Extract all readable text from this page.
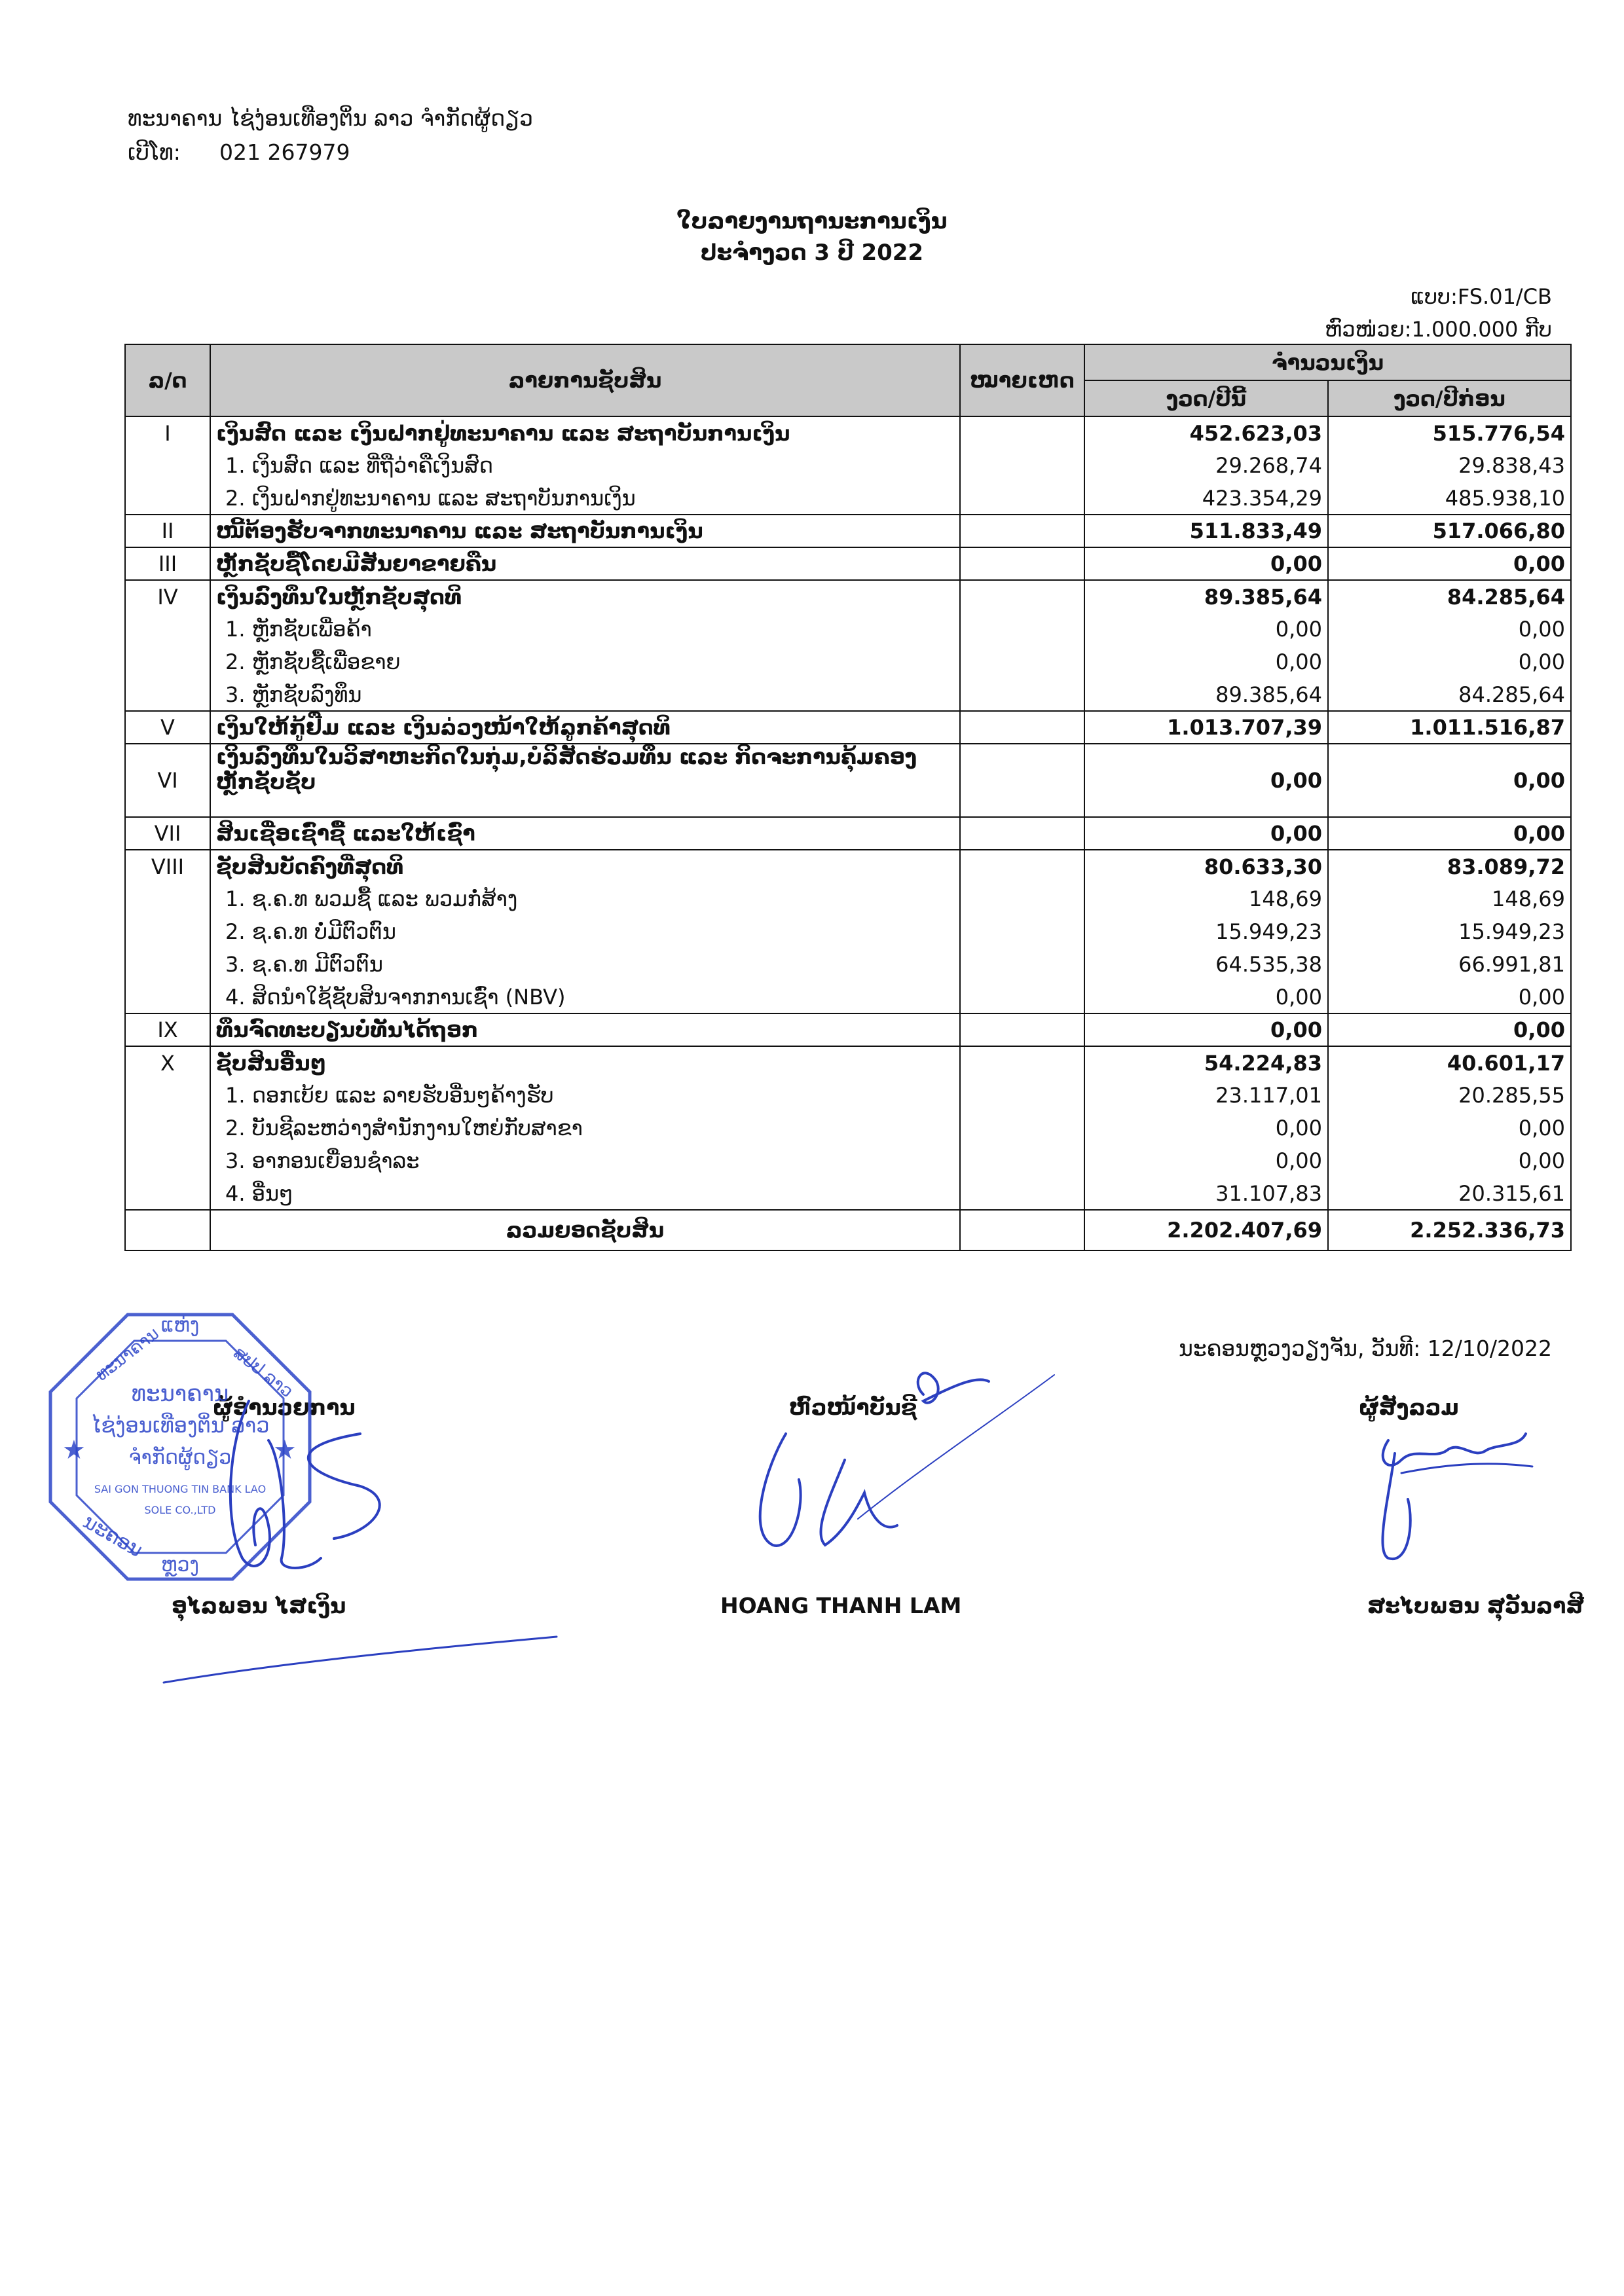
ທະນາຄານ ໄຊ່ງ່ອນເທືອງຕິ່ນ ລາວ ຈຳກັດຜູ້ດຽວ
ເບີໂທ: 021 267979
ໃບລາຍງານຖານະການເງິນ
ປະຈຳງວດ 3 ປີ 2022
ແບບ:FS.01/CB
ຫົວໜ່ວຍ:1.000.000 ກີບ
ລ/ດ	ລາຍການຊັບສິນ	ໝາຍເຫດ	ຈຳນວນເງິນ	
			ງວດ/ປີນີ້	ງວດ/ປີກ່ອນ
I	ເງິນສົດ ແລະ ເງິນຝາກຢູ່ທະນາຄານ ແລະ ສະຖາບັນການເງິນ		452.623,03	515.776,54
	1. ເງິນສົດ ແລະ ທີ່ຖືວ່າຄືເງິນສົດ		29.268,74	29.838,43
	2. ເງິນຝາກຢູ່ທະນາຄານ ແລະ ສະຖາບັນການເງິນ		423.354,29	485.938,10
II	ໜີ້ຕ້ອງຮັບຈາກທະນາຄານ ແລະ ສະຖາບັນການເງິນ		511.833,49	517.066,80
III	ຫຼັກຊັບຊື້ໂດຍມີສັນຍາຂາຍຄືນ		0,00	0,00
IV	ເງິນລົງທຶນໃນຫຼັກຊັບສຸດທິ		89.385,64	84.285,64
	1. ຫຼັກຊັບເພື່ອຄ້າ		0,00	0,00
	2. ຫຼັກຊັບຊື້ເພື່ອຂາຍ		0,00	0,00
	3. ຫຼັກຊັບລົງທຶນ		89.385,64	84.285,64
V	ເງິນໃຫ້ກູ້ຢືມ ແລະ ເງິນລ່ວງໜ້າໃຫ້ລູກຄ້າສຸດທິ		1.013.707,39	1.011.516,87
VI	ເງິນລົງທຶນໃນວິສາຫະກິດໃນກຸ່ມ,ບໍລິສັດຮ່ວມທຶນ ແລະ ກິດຈະການຄຸ້ມຄອງຫຼັກຊັບຊັບ		0,00	0,00
VII	ສິນເຊື່ອເຊົ່າຊື້ ແລະໃຫ້ເຊົ່າ		0,00	0,00
VIII	ຊັບສິນບັດຄົງທີ່ສຸດທິ		80.633,30	83.089,72
	1. ຊ.ຄ.ທ ພວມຊື້ ແລະ ພວມກໍ່ສ້າງ		148,69	148,69
	2. ຊ.ຄ.ທ ບໍ່ມີຕົວຕົນ		15.949,23	15.949,23
	3. ຊ.ຄ.ທ ມີຕົວຕົນ		64.535,38	66.991,81
	4. ສິດນຳໃຊ້ຊັບສິນຈາກການເຊົ່າ (NBV)		0,00	0,00
IX	ທຶນຈົດທະບຽນບໍ່ທັນໄດ້ຖອກ		0,00	0,00
X	ຊັບສິນອື່ນໆ		54.224,83	40.601,17
	1. ດອກເບ້ຍ ແລະ ລາຍຮັບອື່ນໆຄ້າງຮັບ		23.117,01	20.285,55
	2. ບັນຊີລະຫວ່າງສຳນັກງານໃຫຍ່ກັບສາຂາ		0,00	0,00
	3. ອາກອນເຍື່ອນຊຳລະ		0,00	0,00
	4. ອື່ນໆ		31.107,83	20.315,61
	ລວມຍອດຊັບສິນ		2.202.407,69	2.252.336,73
ນະຄອນຫຼວງວຽງຈັນ, ວັນທີ: 12/10/2022
ຜູ້ອຳນວຍການ	ຫົວໜ້າບັນຊີ	ຜູ້ສັງລວມ
ອຸໄລພອນ ໄສເງິນ	HOANG THANH LAM	ສະໄບພອນ ສຸວັນລາສີ
ແຫ່ງ
ທະນາຄານ	ສປປ ລາວ
ທະນາຄານ
ໄຊ່ງ່ອນເທືອງຕິ່ນ ລາວ
ຈຳກັດຜູ້ດຽວ
SAI GON THUONG TIN BANK LAO
SOLE CO.,LTD
ນະຄອນ
ຫຼວງ
★	★
